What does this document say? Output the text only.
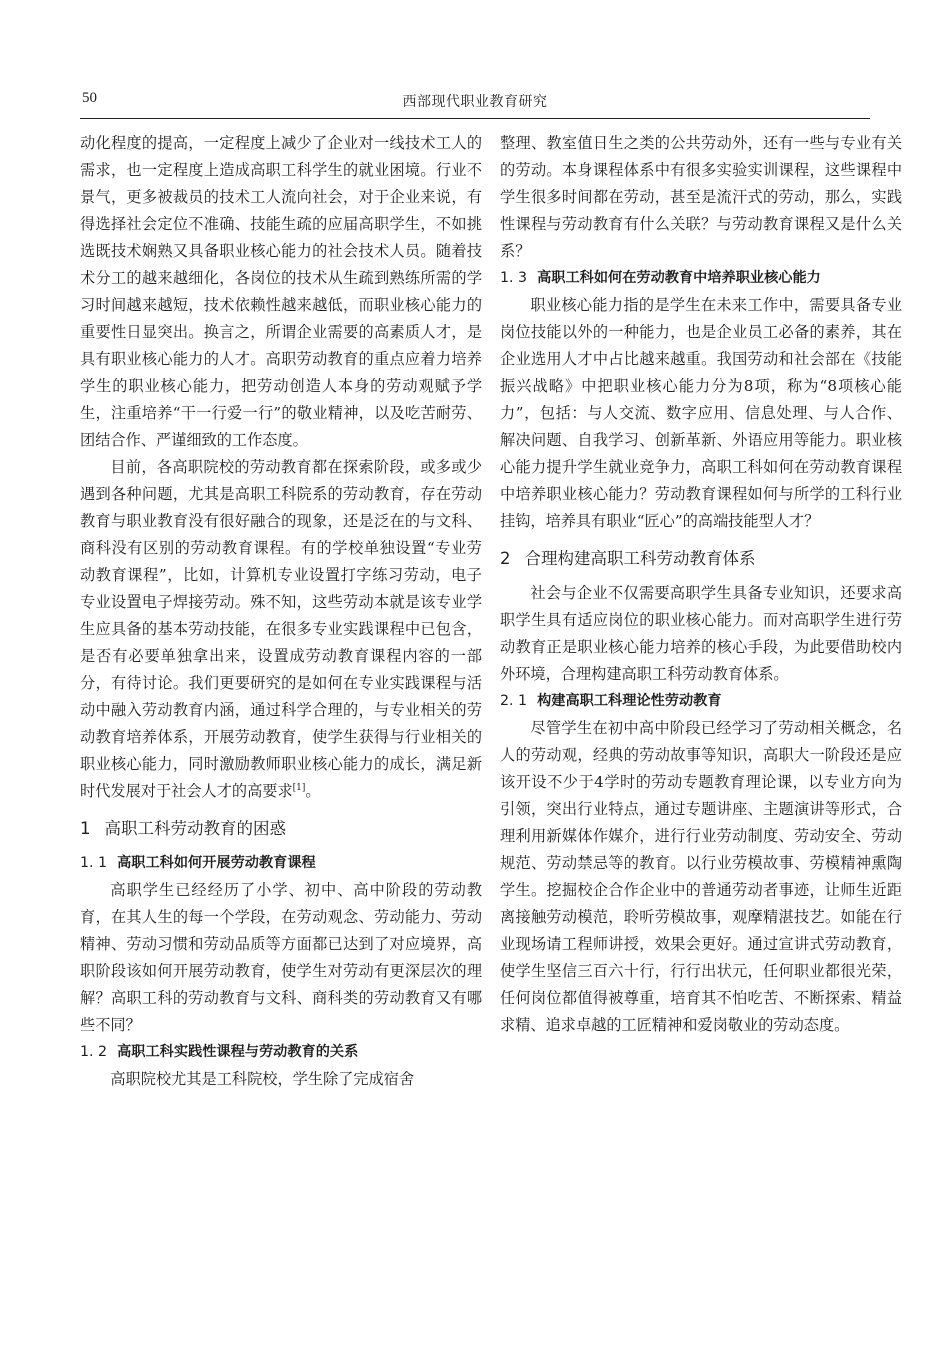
50	西部现代职业教育研究

动化程度的提高，一定程度上减少了企业对一线技术工人的需求，也一定程度上造成高职工科学生的就业困境。行业不景气，更多被裁员的技术工人流向社会，对于企业来说，有得选择社会定位不准确、技能生疏的应届高职学生，不如挑选既技术娴熟又具备职业核心能力的社会技术人员。随着技术分工的越来越细化，各岗位的技术从生疏到熟练所需的学习时间越来越短，技术依赖性越来越低，而职业核心能力的重要性日显突出。换言之，所谓企业需要的高素质人才，是具有职业核心能力的人才。高职劳动教育的重点应着力培养学生的职业核心能力，把劳动创造人本身的劳动观赋予学生，注重培养“干一行爱一行”的敬业精神，以及吃苦耐劳、团结合作、严谨细致的工作态度。

目前，各高职院校的劳动教育都在探索阶段，或多或少遇到各种问题，尤其是高职工科院系的劳动教育，存在劳动教育与职业教育没有很好融合的现象，还是泛在的与文科、商科没有区别的劳动教育课程。有的学校单独设置“专业劳动教育课程”，比如，计算机专业设置打字练习劳动，电子专业设置电子焊接劳动。殊不知，这些劳动本就是该专业学生应具备的基本劳动技能，在很多专业实践课程中已包含，是否有必要单独拿出来，设置成劳动教育课程内容的一部分，有待讨论。我们更要研究的是如何在专业实践课程与活动中融入劳动教育内涵，通过科学合理的，与专业相关的劳动教育培养体系，开展劳动教育，使学生获得与行业相关的职业核心能力，同时激励教师职业核心能力的成长，满足新时代发展对于社会人才的高要求[1]。

1 高职工科劳动教育的困惑
1. 1 高职工科如何开展劳动教育课程

高职学生已经经历了小学、初中、高中阶段的劳动教育，在其人生的每一个学段，在劳动观念、劳动能力、劳动精神、劳动习惯和劳动品质等方面都已达到了对应境界，高职阶段该如何开展劳动教育，使学生对劳动有更深层次的理解？高职工科的劳动教育与文科、商科类的劳动教育又有哪些不同？

1. 2 高职工科实践性课程与劳动教育的关系

高职院校尤其是工科院校，学生除了完成宿舍

整理、教室值日生之类的公共劳动外，还有一些与专业有关的劳动。本身课程体系中有很多实验实训课程，这些课程中学生很多时间都在劳动，甚至是流汗式的劳动，那么，实践性课程与劳动教育有什么关联？与劳动教育课程又是什么关系？

1. 3 高职工科如何在劳动教育中培养职业核心能力

职业核心能力指的是学生在未来工作中，需要具备专业岗位技能以外的一种能力，也是企业员工必备的素养，其在企业选用人才中占比越来越重。我国劳动和社会部在《技能振兴战略》中把职业核心能力分为8项，称为“8项核心能力”，包括：与人交流、数字应用、信息处理、与人合作、解决问题、自我学习、创新革新、外语应用等能力。职业核心能力提升学生就业竞争力，高职工科如何在劳动教育课程中培养职业核心能力？劳动教育课程如何与所学的工科行业挂钩，培养具有职业“匠心”的高端技能型人才？

2 合理构建高职工科劳动教育体系

社会与企业不仅需要高职学生具备专业知识，还要求高职学生具有适应岗位的职业核心能力。而对高职学生进行劳动教育正是职业核心能力培养的核心手段，为此要借助校内外环境，合理构建高职工科劳动教育体系。

2. 1 构建高职工科理论性劳动教育

尽管学生在初中高中阶段已经学习了劳动相关概念，名人的劳动观，经典的劳动故事等知识，高职大一阶段还是应该开设不少于4学时的劳动专题教育理论课，以专业方向为引领，突出行业特点，通过专题讲座、主题演讲等形式，合理利用新媒体作媒介，进行行业劳动制度、劳动安全、劳动规范、劳动禁忌等的教育。以行业劳模故事、劳模精神熏陶学生。挖掘校企合作企业中的普通劳动者事迹，让师生近距离接触劳动模范，聆听劳模故事，观摩精湛技艺。如能在行业现场请工程师讲授，效果会更好。通过宣讲式劳动教育，使学生坚信三百六十行，行行出状元，任何职业都很光荣，任何岗位都值得被尊重，培育其不怕吃苦、不断探索、精益求精、追求卓越的工匠精神和爱岗敬业的劳动态度。
